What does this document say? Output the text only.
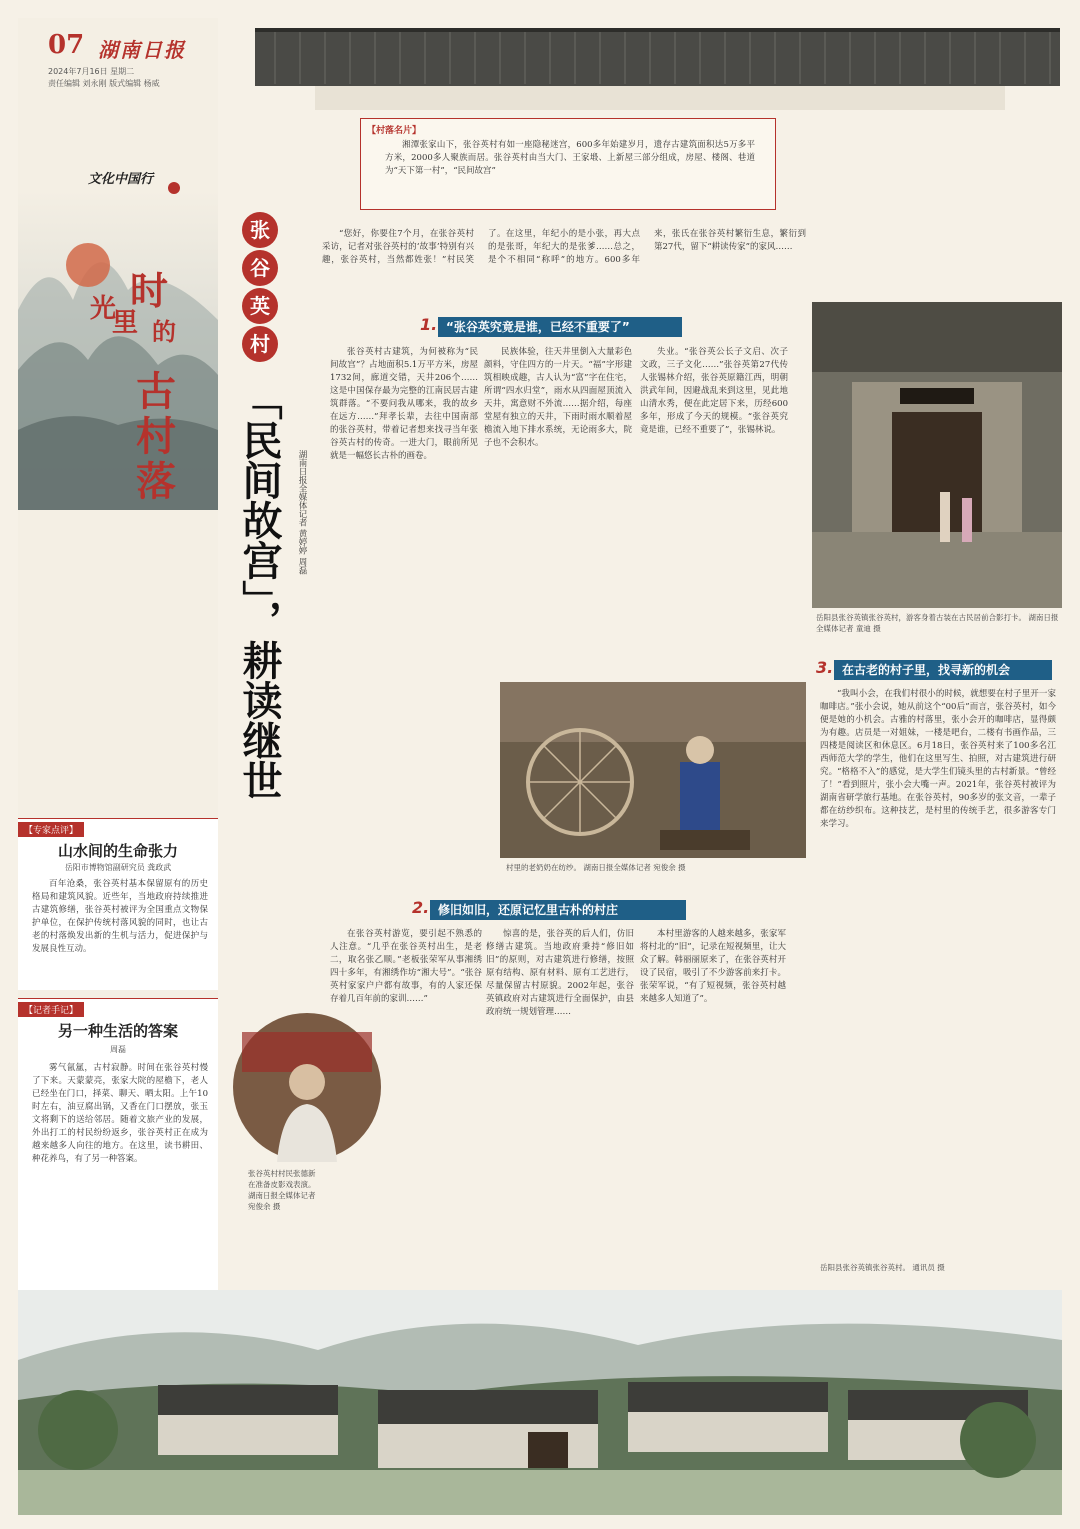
07 湖南日报
2024年7月16日 星期二
责任编辑 刘永刚 版式编辑 杨威
文化中国行
时
光
里 的
古
村
落
【专家点评】
山水间的生命张力
岳阳市博物馆副研究员 龚政武

百年沧桑，张谷英村基本保留原有的历史格局和建筑风貌。近些年，当地政府持续推进古建筑修缮，张谷英村被评为全国重点文物保护单位，在保护传统村落风貌的同时，也让古老的村落焕发出新的生机与活力，促进保护与发展良性互动。

【记者手记】
另一种生活的答案
周磊

雾气氤氲，古村寂静。时间在张谷英村慢了下来。天蒙蒙亮，张家大院的屋檐下，老人已经坐在门口，择菜、聊天、晒太阳。上午10时左右，油豆腐出锅，又香在门口摆放，张玉文将剩下的送给邻居。随着文旅产业的发展，外出打工的村民纷纷返乡，张谷英村正在成为越来越多人向往的地方。在这里，读书耕田、种花养鸟，有了另一种答案。

张
谷
英
村
「民间故宫」，耕读继世	湖南日报全媒体记者 黄婷婷 周磊
【村落名片】

湘潭张家山下，张谷英村有如一座隐秘迷宫，600多年始建岁月，遗存古建筑面积达5万多平方米，2000多人聚族而居。张谷英村由当大门、王家塅、上新屋三部分组成，房屋、楼阁、巷道为“天下第一村”，“民间故宫”

“您好，你要住7个月，在张谷英村采访，记者对张谷英村的‘故事’特别有兴趣，张谷英村，当然都姓张！”村民笑了。在这里，年纪小的是小张，再大点的是张哥，年纪大的是张爹……总之，是个不相同“称呼”的地方。600多年来，张氏在张谷英村繁衍生息，繁衍到第27代，留下“耕读传家”的家风……

1. “张谷英究竟是谁，已经不重要了”

张谷英村古建筑，为何被称为“民间故宫”？占地面积5.1万平方米，房屋1732间，廊道交错，天井206个……这是中国保存最为完整的江南民居古建筑群落。“不要问我从哪来，我的故乡在远方……”拜孝长辈，去往中国南部的张谷英村，带着记者想来找寻当年张谷英古村的传奇。一进大门，眼前所见就是一幅悠长古朴的画卷。

民族体验，往天井里倒入大量彩色颜料，守住四方的一片天。“福”字形建筑相映成趣，古人认为“富”字在住宅，所谓“四水归堂”，雨水从四面屋顶流入天井，寓意财不外流……据介绍，每座堂屋有独立的天井，下雨时雨水顺着屋檐流入地下排水系统，无论雨多大，院子也不会积水。

失业。“张谷英公长子文启、次子文政，三子文化……”张谷英第27代传人张锡林介绍，张谷英原籍江西，明朝洪武年间，因避战乱来到这里，见此地山清水秀，便在此定居下来，历经600多年，形成了今天的规模。“张谷英究竟是谁，已经不重要了”，张锡林说。

村里的老奶奶在纺纱。 湖南日报全媒体记者 宛俊余 摄
2. 修旧如旧，还原记忆里古朴的村庄
张谷英村村民张德新在准备皮影戏表演。湖南日报全媒体记者 宛俊余 摄

在张谷英村游览，要引起不熟悉的人注意。“几乎在张谷英村出生，是老二，取名张乙顺。”老板张荣军从事湘绣四十多年，有湘绣作坊“湘大号”。“张谷英村家家户户都有故事，有的人家还保存着几百年前的家训……”

惊喜的是，张谷英的后人们，仿旧修缮古建筑。当地政府秉持“修旧如旧”的原则，对古建筑进行修缮，按照原有结构、原有材料、原有工艺进行，尽量保留古村原貌。2002年起，张谷英镇政府对古建筑进行全面保护，由县政府统一规划管理……

本村里游客的人越来越多，张家军将村北的“旧”，记录在短视频里，让大众了解。韩丽丽原来了，在张谷英村开设了民宿，吸引了不少游客前来打卡。张荣军说，“有了短视频，张谷英村越来越多人知道了”。

岳阳县张谷英镇张谷英村，游客身着古装在古民居前合影打卡。 湖南日报全媒体记者 童迪 摄
3. 在古老的村子里，找寻新的机会

“我叫小会，在我们村很小的时候，就想要在村子里开一家咖啡店。”张小会说，她从前这个“00后”而言，张谷英村，如今便是她的小机会。古雅的村落里，张小会开的咖啡店，显得颇为有趣。店员是一对姐妹，一楼是吧台，二楼有书画作品，三四楼是阅读区和休息区。6月18日，张谷英村来了100多名江西师范大学的学生，他们在这里写生、拍照，对古建筑进行研究。“格格不入”的感觉，是大学生们镜头里的古村新景。“曾经了！”看到照片，张小会大嘴一声。2021年，张谷英村被评为湖南省研学旅行基地。在张谷英村，90多岁的张文音，一辈子都在纺纱织布。这种技艺，是村里的传统手艺，很多游客专门来学习。

岳阳县张谷英镇张谷英村。 通讯员 摄
